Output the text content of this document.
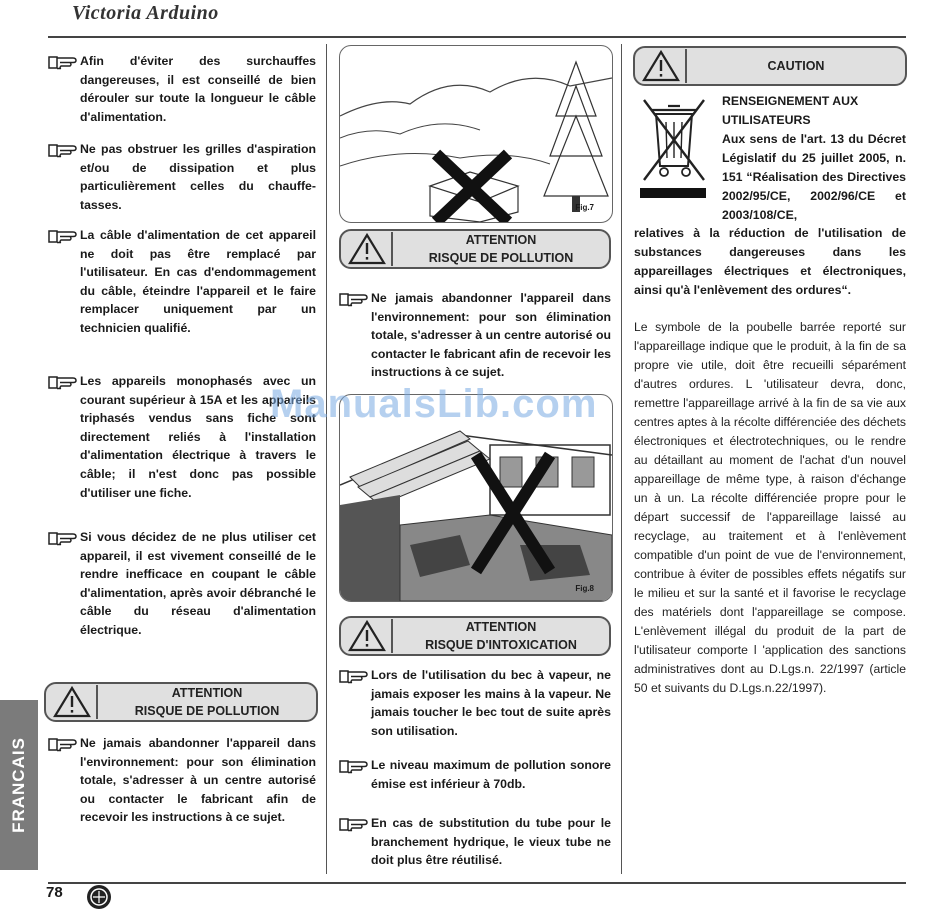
Victoria Arduino
FRANCAIS
Afin d'éviter des surchauffes dangereuses, il est conseillé de bien dérouler sur toute la longueur le câble d'alimentation.
Ne pas obstruer les grilles d'aspiration et/ou de dissipation et plus particulièrement celles du chauffe-tasses.
La câble d'alimentation de cet appareil ne doit pas être remplacé par l'utilisateur. En cas d'endommagement du câble, éteindre l'appareil et le faire remplacer uniquement par un technicien qualifié.
Les appareils monophasés avec un courant supérieur à 15A et les appareils triphasés vendus sans fiche sont directement reliés à l'installation d'alimentation électrique à travers le câble; il n'est donc pas possible d'utiliser une fiche.
Si vous décidez de ne plus utiliser cet appareil, il est vivement conseillé de le rendre inefficace en coupant le câble d'alimentation, après avoir débranché le câble du réseau d'alimentation électrique.
ATTENTION
RISQUE DE POLLUTION
Ne jamais abandonner l'appareil dans l'environnement: pour son élimination totale, s'adresser à un centre autorisé ou contacter le fabricant afin de recevoir les instructions à ce sujet.
Fig.7
ATTENTION
RISQUE DE POLLUTION
Ne jamais abandonner l'appareil dans l'environnement: pour son élimination totale, s'adresser à un centre autorisé ou contacter le fabricant afin de recevoir les instructions à ce sujet.
Fig.8
ATTENTION
RISQUE D'INTOXICATION
Lors de l'utilisation du bec à vapeur, ne jamais exposer les mains à la vapeur. Ne jamais toucher le bec tout de suite après son utilisation.
Le niveau maximum de pollution sonore émise est inférieur à 70db.
En cas de substitution du tube pour le branchement hydrique, le vieux tube ne doit plus être réutilisé.
CAUTION
RENSEIGNEMENT AUX UTILISATEURS
Aux sens de l'art. 13 du Décret Législatif du 25 juillet 2005, n. 151 “Réalisation des Directives 2002/95/CE, 2002/96/CE et 2003/108/CE,
relatives à la réduction de l'utilisation de substances dangereuses dans les appareillages électriques et électroniques, ainsi qu'à l'enlèvement des ordures“.
Le symbole de la poubelle barrée reporté sur l'appareillage indique que le produit, à la fin de sa propre vie utile, doit être recueilli séparément d'autres ordures. L 'utilisateur devra, donc, remettre l'appareillage arrivé à la fin de sa vie aux centres aptes à la récolte différenciée des déchets électroniques et électrotechniques, ou le rendre au détaillant au moment de l'achat d'un nouvel appareillage de même type, à raison d'échange un à un. La récolte différenciée propre pour le départ successif de l'appareillage laissé au recyclage, au traitement et à l'enlèvement compatible d'un point de vue de l'environnement, contribue à éviter de possibles effets négatifs sur le milieu et sur la santé et il favorise le recyclage des matériels dont l'appareillage se compose. L'enlèvement illégal du produit de la part de l'utilisateur comporte l 'application des sanctions administratives dont au D.Lgs.n. 22/1997 (article 50 et suivants du D.Lgs.n.22/1997).
ManualsLib.com
78
